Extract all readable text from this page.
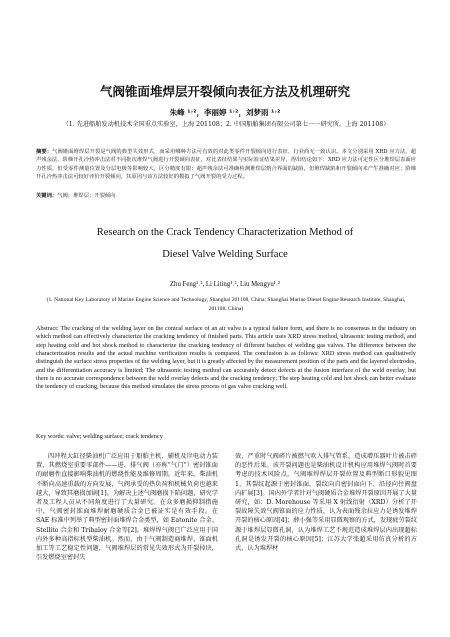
气阀锥面堆焊层开裂倾向表征方法及机理研究
朱峰 ¹˒²，李丽婷 ¹˒²，刘梦雨 ¹˒²
（1. 先进船舶发动机技术全国重点实验室，上海 201108；2. 中国船舶集团有限公司第七一一研究所，上海 201108）
摘要：气阀锥面堆焊层开裂是气阀的典型失效形式，而采用哪种方法可有效的对此类零件开裂倾向进行表征，行业尚无一致认识。本文分别采用 XRD 应力法、超声残余法、阶梯开孔冷热冲击法对不同批次堆焊气阀进行开裂倾向表征，对比表征结果与实际验证结果差异，得出结论如下：XRD 应力法可定性区分堆焊层表面应力性质，但受零件测量位置及分层电极等影响较大，区分精度有限；超声残余法可准确检测堆焊层熔合界面的缺陷，但堆焊缺陷和开裂倾向未产生准确对应；阶梯开孔冷热冲击法可较好评价开裂倾向，其原因与该方法较好的模拟了气阀开裂的受力过程。
关键词：气阀；堆焊层；开裂倾向
Research on the Crack Tendency Characterization Method of
Diesel Valve Welding Surface
Zhu Feng¹˒², Li Liting¹˒², Liu Mengyu¹˒²
(1. National Key Laboratory of Marine Engine Science and Technology, Shanghai 201108, China; Shanghai Marine Diesel Engine Research Institute, Shanghai, 201108, China)
Abstract: The cracking of the welding layer on the conical surface of an air valve is a typical failure form, and there is no consensus in the industry on which method can effectively characterize the cracking tendency of finished parts. This article uses XRD stress method, ultrasonic testing method, and step heating cold and hot shock method to characterize the cracking tendency of different batches of welding gas valves. The difference between the characterization results and the actual machine verification results is compared. The conclusion is as follows: XRD stress method can qualitatively distinguish the surface stress properties of the welding layer, but it is greatly affected by the measurement position of the parts and the layered electrodes, and the differentiation accuracy is limited; The ultrasonic testing method can accurately detect defects at the fusion interface of the weld overlay, but there is no accurate correspondence between the weld overlay defects and the cracking tendency; The step heating cold and hot shock can better evaluate the tendency of cracking, because this method simulates the stress process of gas valve cracking well.
Key words: valve; welding surface; crack tendency

四冲程大缸径柴油机广泛应用于船舶主机、辅机及岸电动力装置，其燃烧室重要零部件——进、排气阀（亦称“气门”）密封锥面的耐磨性直接影响柴油机的燃烧性能及维修周期。近年来，柴油机不断向高速重载的方向发展，气阀承受的热负荷和机械负荷也越来越大，导致其磨损加剧[1]。为解决上述气阀磨损下陷问题，研究学者及工程人员从不同角度进行了大量研究。在众多磨损抑制措施中，气阀密封锥面堆焊耐磨硬质合金已被证实是有效手段。在 SAE 标准中列举了典型密封面堆焊合金类型，如 Eatonite 合金、Stellite 合金和 Tribaloy 合金等[2]。堆焊焊气阀已广泛应用于国内外多种高指标机型柴油机。然而，由于气阀制造商堆焊、锥面机加工等工艺稳定性问题，气阀堆焊层的常见失效形式为开裂掉块，引发燃烧室密封失

效，严重时气阀碎片被燃气吹入排气管系，造成增压器叶片被击碎的恶性后果。该开裂问题也是柴油机设计机构应用堆焊气阀时首要考虑的技术风险点。气阀堆焊焊层开裂位置及典型断口形貌见图 1，其裂纹起源于密封锥面，裂纹向自密封面向下、沿径向往阀盘内扩展[3]。国内外学者针对气阀硬质合金堆焊开裂原因开展了大量研究，如：D. Morehouse 等采用 X 射线衍射（XRD）分析了开裂故障失效气阀锥面的应力性质，认为表面残余拉应力是诱发堆焊开裂的核心原因[4]；薛小强等采用显微观察的方式，发现疲劳裂纹源于堆焊层显微孔洞，认为堆焊工艺不规范造成堆焊层内出现超标孔洞是诱发开裂的核心原因[5]；江苏大学张超采用仿真分析的方式，认为堆焊材
